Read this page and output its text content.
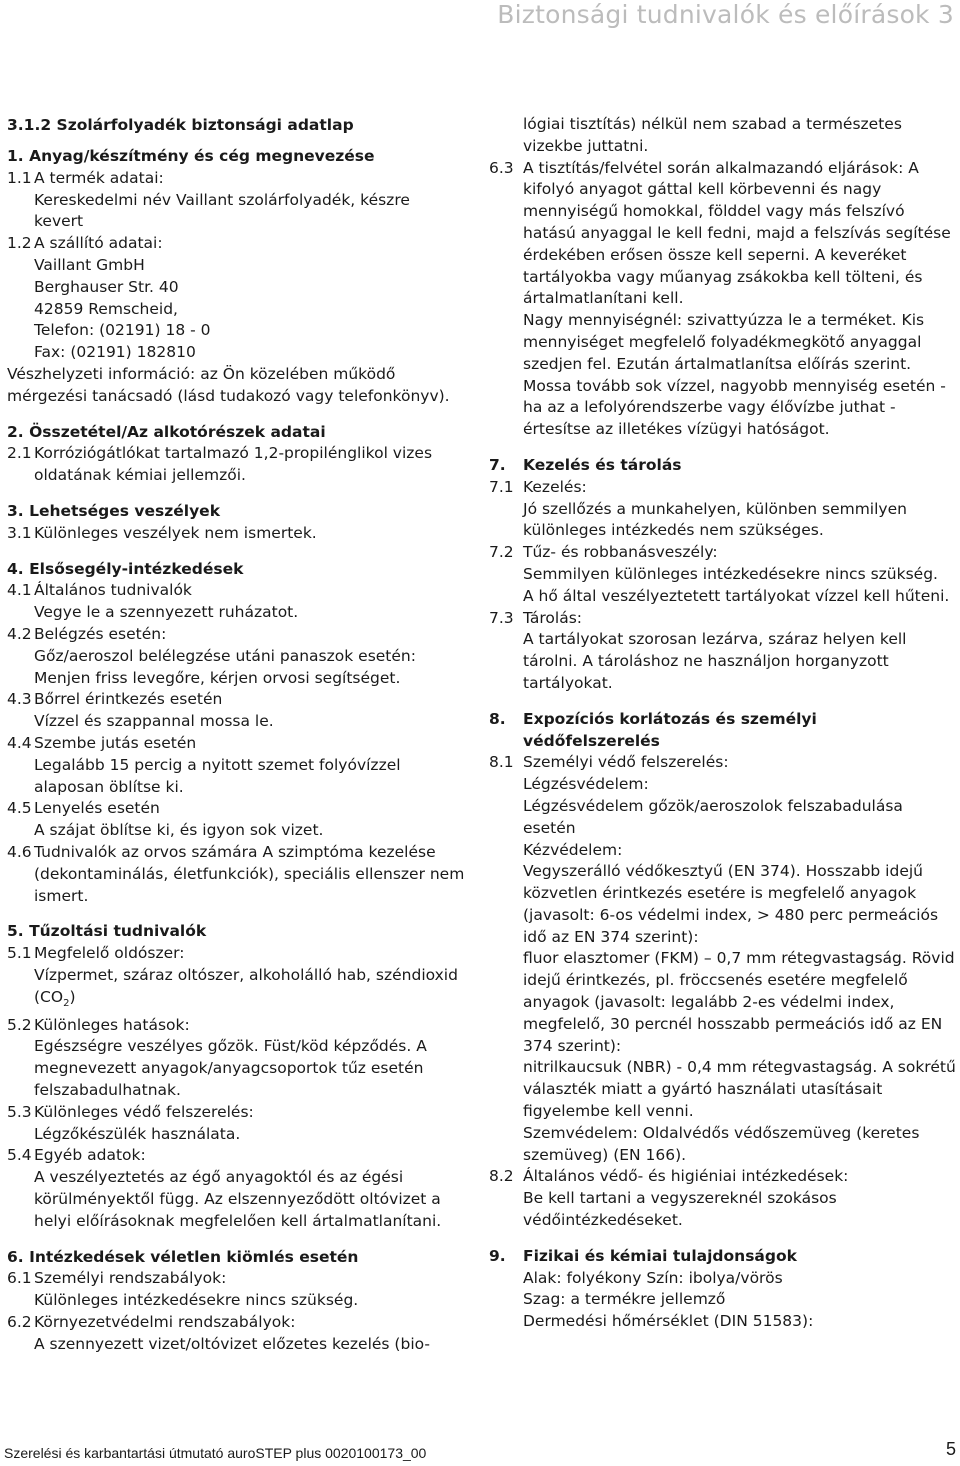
Biztonsági tudnivalók és előírások 3
3.1.2 Szolárfolyadék biztonsági adatlap

1. Anyag/készítmény és cég megnevezése

1.1 A termék adatai:

Kereskedelmi név Vaillant szolárfolyadék, készre

kevert

1.2 A szállító adatai:

Vaillant GmbH

Berghauser Str. 40

42859 Remscheid,

Telefon: (02191) 18 - 0

Fax: (02191) 182810

Vészhelyzeti információ: az Ön közelében működő mérgezési tanácsadó (lásd tudakozó vagy telefonkönyv).

2. Összetétel/Az alkotórészek adatai

2.1 Korróziógátlókat tartalmazó 1,2-propilénglikol vizes oldatának kémiai jellemzői.

3. Lehetséges veszélyek

3.1 Különleges veszélyek nem ismertek.

4. Elsősegély-intézkedések

4.1 Általános tudnivalók

Vegye le a szennyezett ruházatot.

4.2 Belégzés esetén:

Gőz/aeroszol belélegzése utáni panaszok esetén: Menjen friss levegőre, kérjen orvosi segítséget.

4.3 Bőrrel érintkezés esetén

Vízzel és szappannal mossa le.

4.4 Szembe jutás esetén

Legalább 15 percig a nyitott szemet folyóvízzel alaposan öblítse ki.

4.5 Lenyelés esetén

A szájat öblítse ki, és igyon sok vizet.

4.6 Tudnivalók az orvos számára A szimptóma kezelése (dekontaminálás, életfunkciók), speciális ellenszer nem ismert.

5. Tűzoltási tudnivalók

5.1 Megfelelő oldószer:

Vízpermet, száraz oltószer, alkoholálló hab, széndioxid $(CO_2)$

5.2 Különleges hatások:

Egészségre veszélyes gőzök. Füst/köd képződés. A megnevezett anyagok/anyagcsoportok tűz esetén felszabadulhatnak.

5.3 Különleges védő felszerelés:

Légzőkészülék használata.

5.4 Egyéb adatok:

A veszélyeztetés az égő anyagoktól és az égési körülményektől függ. Az elszennyeződött oltóvizet a helyi előírásoknak megfelelően kell ártalmatlanítani.

6. Intézkedések véletlen kiömlés esetén

6.1 Személyi rendszabályok:

Különleges intézkedésekre nincs szükség.

6.2 Környezetvédelmi rendszabályok:

A szennyezett vizet/oltóvizet előzetes kezelés (bio-

lógiai tisztítás) nélkül nem szabad a természetes vizekbe juttatni.

6.3 A tisztítás/felvétel során alkalmazandó eljárások: A kifolyó anyagot gáttal kell körbevenni és nagy mennyiségű homokkal, földdel vagy más felszívó hatású anyaggal le kell fedni, majd a felszívás segítése érdekében erősen össze kell seperni. A keveréket tartályokba vagy műanyag zsákokba kell tölteni, és ártalmatlanítani kell.

Nagy mennyiségnél: szivattyúzza le a terméket. Kis mennyiséget megfelelő folyadékmegkötő anyaggal szedjen fel. Ezután ártalmatlanítsa előírás szerint.

Mossa tovább sok vízzel, nagyobb mennyiség esetén - ha az a lefolyórendszerbe vagy élővízbe juthat - értesítse az illetékes vízügyi hatóságot.

7.	Kezelés és tárolás
7.1 Kezelés:

Jó szellőzés a munkahelyen, különben semmilyen különleges intézkedés nem szükséges.

7.2 Tűz- és robbanásveszély:

Semmilyen különleges intézkedésekre nincs szükség.

A hő által veszélyeztetett tartályokat vízzel kell hűteni.

7.3 Tárolás:

A tartályokat szorosan lezárva, száraz helyen kell tárolni. A tároláshoz ne használjon horganyzott tartályokat.

8.	Expozíciós korlátozás és személyi védőfelszerelés
8.1 Személyi védő felszerelés:

Légzésvédelem:

Légzésvédelem gőzök/aeroszolok felszabadulása esetén

Kézvédelem:

Vegyszerálló védőkesztyű (EN 374). Hosszabb idejű közvetlen érintkezés esetére is megfelelő anyagok (javasolt: 6-os védelmi index, > 480 perc permeációs idő az EN 374 szerint):

fluor elasztomer (FKM) – 0,7 mm rétegvastagság. Rövid idejű érintkezés, pl. fröccsenés esetére megfelelő anyagok (javasolt: legalább 2-es védelmi index, megfelelő, 30 percnél hosszabb permeációs idő az EN 374 szerint):

nitrilkaucsuk (NBR) - 0,4 mm rétegvastagság. A sokrétű választék miatt a gyártó használati utasításait figyelembe kell venni.

Szemvédelem: Oldalvédős védőszemüveg (keretes szemüveg) (EN 166).

8.2 Általános védő- és higiéniai intézkedések:

Be kell tartani a vegyszereknél szokásos védőintézkedéseket.

9.	Fizikai és kémiai tulajdonságok

Alak: folyékony Szín: ibolya/vörös

Szag: a termékre jellemző

Dermedési hőmérséklet (DIN 51583):

Szerelési és karbantartási útmutató auroSTEP plus 0020100173_00	5
